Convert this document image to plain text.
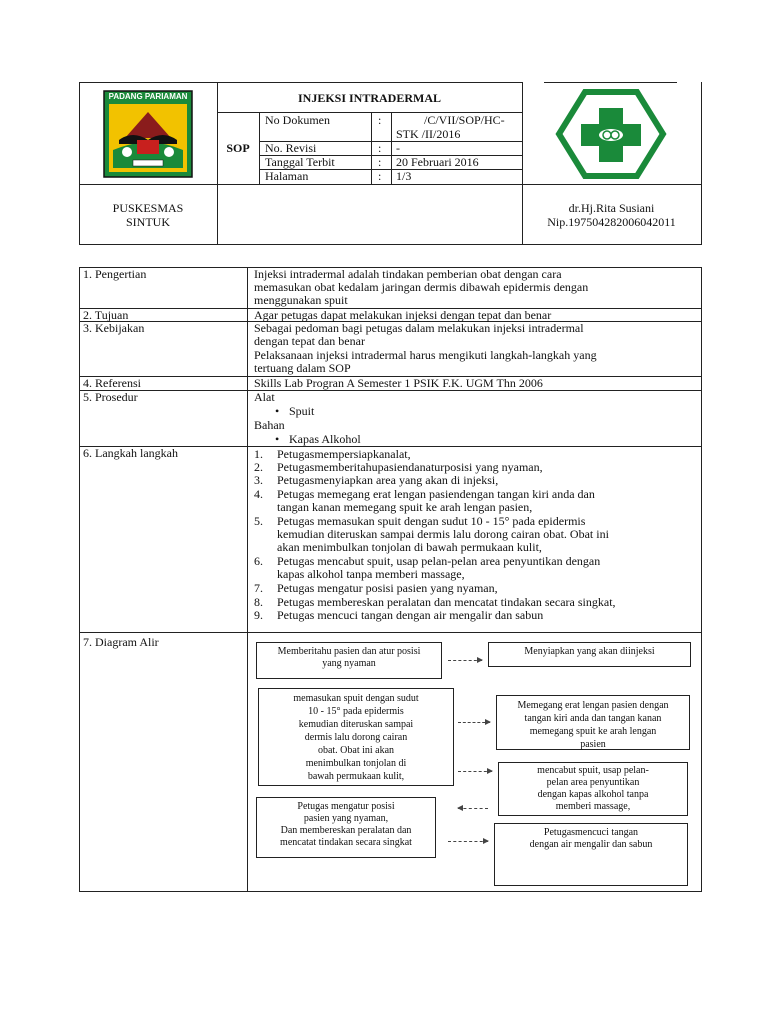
PADANG PARIAMAN	INJEKSI INTRADERMAL
SOP
No Dokumen	:	/C/VII/SOP/HC-
STK /II/2016
No. Revisi	: -
Tanggal Terbit	: 20 Februari 2016
Halaman	: 1/3
PUSKESMAS
SINTUK
dr.Hj.Rita Susiani
Nip.197504282006042011
1. Pengertian	Injeksi intradermal adalah tindakan pemberian obat dengan cara
memasukan obat kedalam jaringan dermis dibawah epidermis dengan
menggunakan spuit
2. Tujuan	Agar petugas dapat melakukan injeksi dengan tepat dan benar
3. Kebijakan	Sebagai pedoman bagi petugas dalam melakukan injeksi intradermal
dengan tepat dan benar
Pelaksanaan injeksi intradermal harus mengikuti langkah-langkah yang
tertuang dalam SOP
4. Referensi	Skills Lab Progran A Semester 1 PSIK F.K. UGM Thn 2006
5. Prosedur	Alat
• Spuit
Bahan
• Kapas Alkohol
6. Langkah langkah	1. Petugasmempersiapkanalat,
2. Petugasmemberitahupasiendanaturposisi yang nyaman,
3. Petugasmenyiapkan area yang akan di injeksi,
4. Petugas memegang erat lengan pasiendengan tangan kiri anda dan
tangan kanan memegang spuit ke arah lengan pasien,
5. Petugas memasukan spuit dengan sudut 10 - 15° pada epidermis
kemudian diteruskan sampai dermis lalu dorong cairan obat. Obat ini
akan menimbulkan tonjolan di bawah permukaan kulit,
6. Petugas mencabut spuit, usap pelan-pelan area penyuntikan dengan
kapas alkohol tanpa memberi massage,
7. Petugas mengatur posisi pasien yang nyaman,
8. Petugas membereskan peralatan dan mencatat tindakan secara singkat,
9. Petugas mencuci tangan dengan air mengalir dan sabun
7. Diagram Alir
Memberitahu pasien dan atur posisi
yang nyaman
Menyiapkan yang akan diinjeksi
Memegang erat lengan pasien dengan
tangan kiri anda dan tangan kanan
memegang spuit ke arah lengan
pasien
memasukan spuit dengan sudut
10 - 15° pada epidermis
kemudian diteruskan sampai
dermis lalu dorong cairan
obat. Obat ini akan
menimbulkan tonjolan di
bawah permukaan kulit,
mencabut spuit, usap pelan-
pelan area penyuntikan
dengan kapas alkohol tanpa
memberi massage,
Petugas mengatur posisi
pasien yang nyaman,
Dan membereskan peralatan dan
mencatat tindakan secara singkat
Petugasmencuci tangan
dengan air mengalir dan sabun
